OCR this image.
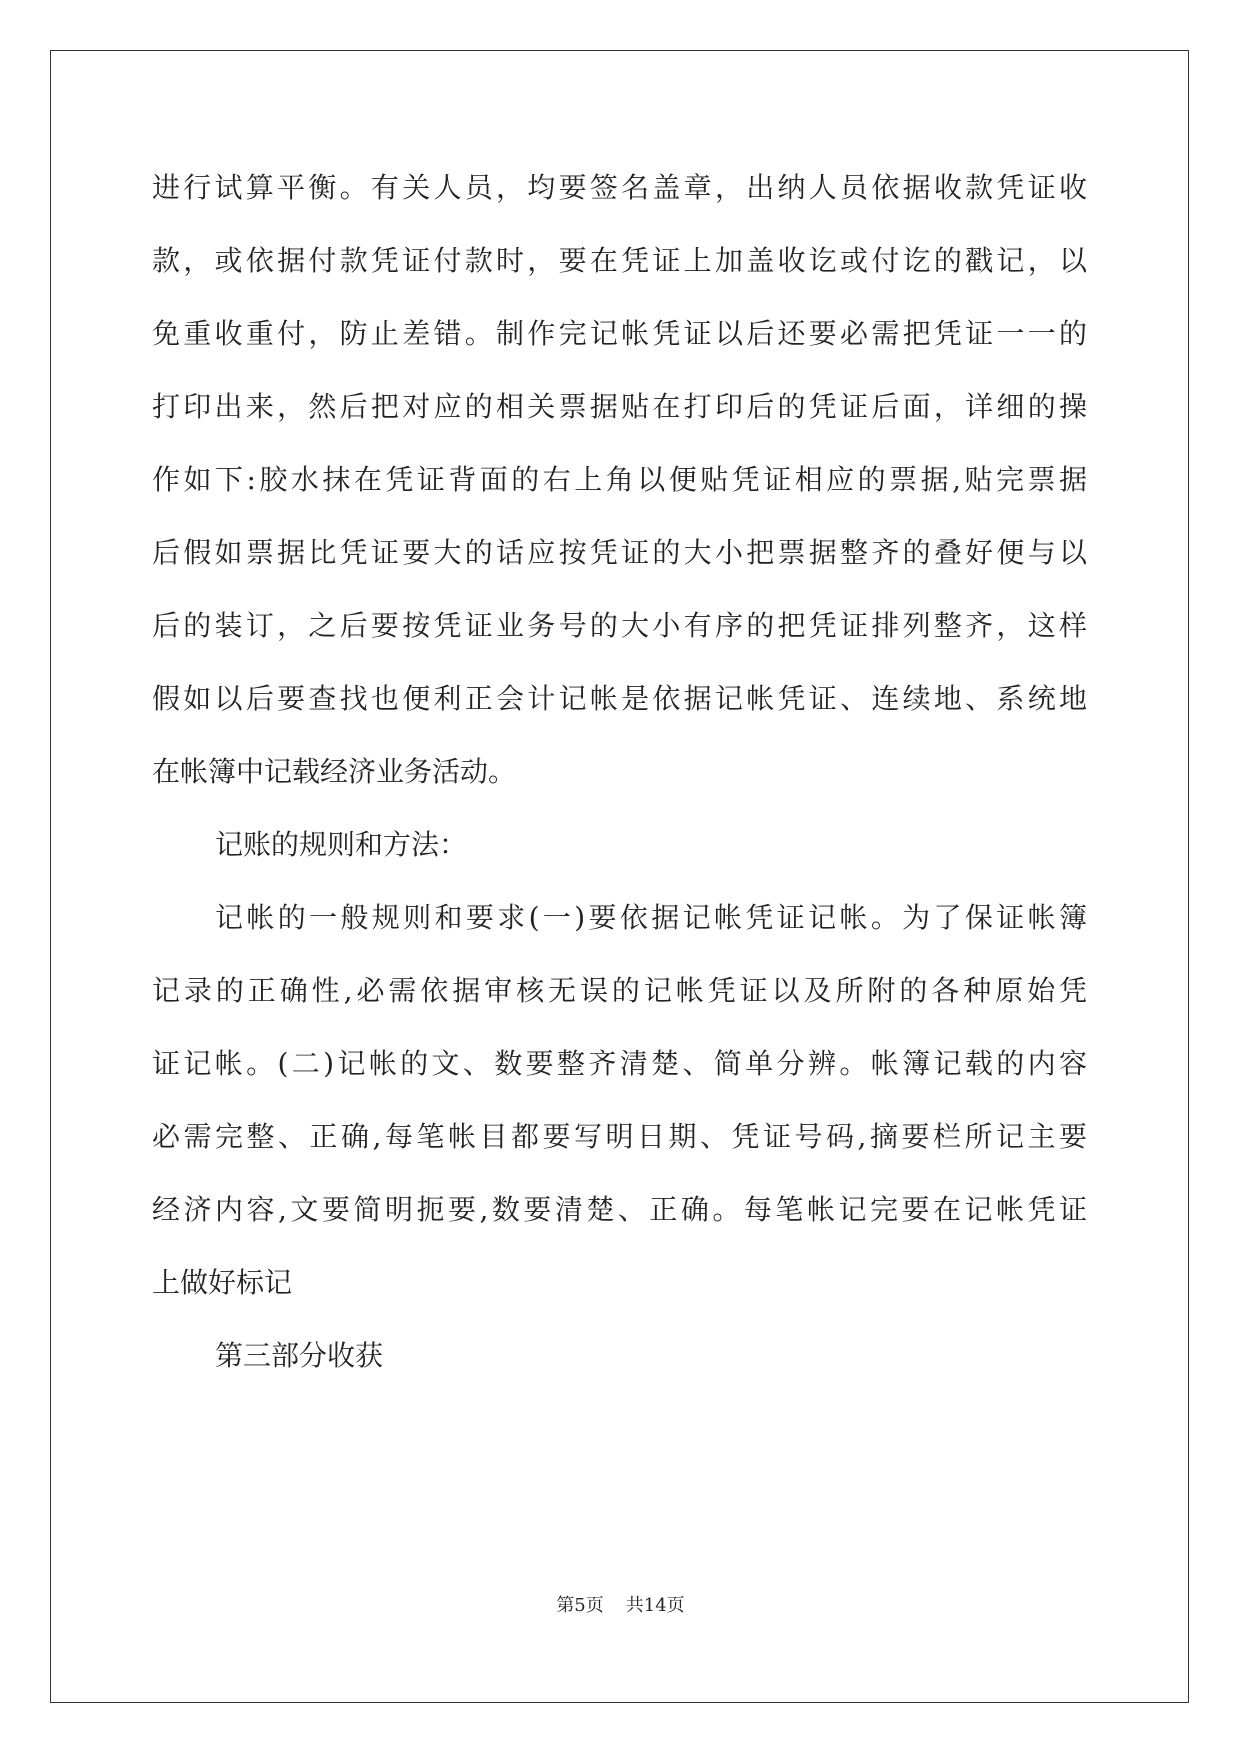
进行试算平衡。有关人员，均要签名盖章，出纳人员依据收款凭证收
款，或依据付款凭证付款时，要在凭证上加盖收讫或付讫的戳记，以
免重收重付，防止差错。制作完记帐凭证以后还要必需把凭证一一的
打印出来，然后把对应的相关票据贴在打印后的凭证后面，详细的操
作如下:胶水抹在凭证背面的右上角以便贴凭证相应的票据,贴完票据
后假如票据比凭证要大的话应按凭证的大小把票据整齐的叠好便与以
后的装订，之后要按凭证业务号的大小有序的把凭证排列整齐，这样
假如以后要查找也便利正会计记帐是依据记帐凭证、连续地、系统地
在帐簿中记载经济业务活动。
记账的规则和方法：
记帐的一般规则和要求(一)要依据记帐凭证记帐。为了保证帐簿
记录的正确性,必需依据审核无误的记帐凭证以及所附的各种原始凭
证记帐。(二)记帐的文、数要整齐清楚、简单分辨。帐簿记载的内容
必需完整、正确,每笔帐目都要写明日期、凭证号码,摘要栏所记主要
经济内容,文要简明扼要,数要清楚、正确。每笔帐记完要在记帐凭证
上做好标记
第三部分收获
第5页 共14页
